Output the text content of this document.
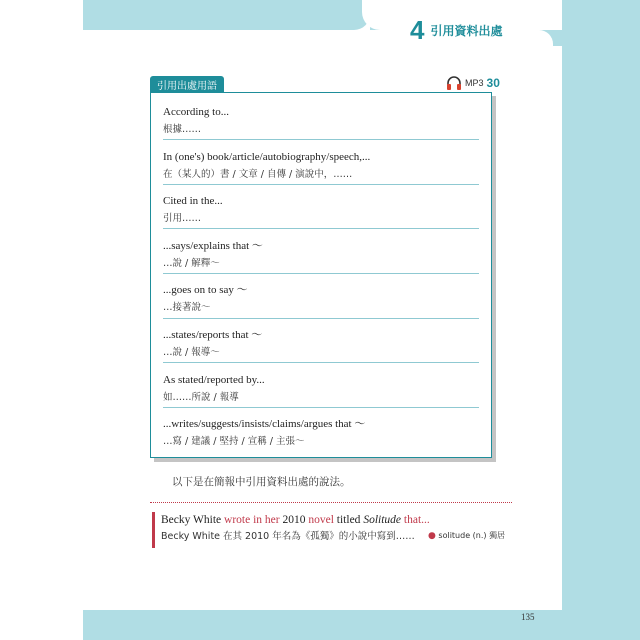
4 引用資料出處
引用出處用語	MP3 30
According to...
根據……
In (one's) book/article/autobiography/speech,...
在（某人的）書 / 文章 / 自傳 / 演說中，……
Cited in the...
引用……
...says/explains that ～
…說 / 解釋～
...goes on to say ～
…接著說～
...states/reports that ～
…說 / 報導～
As stated/reported by...
如……所說 / 報導
...writes/suggests/insists/claims/argues that ～
…寫 / 建議 / 堅持 / 宣稱 / 主張～
以下是在簡報中引用資料出處的說法。
Becky White wrote in her 2010 novel titled Solitude that...
Becky White 在其 2010 年名為《孤獨》的小說中寫到……	● solitude (n.) 獨居
135
